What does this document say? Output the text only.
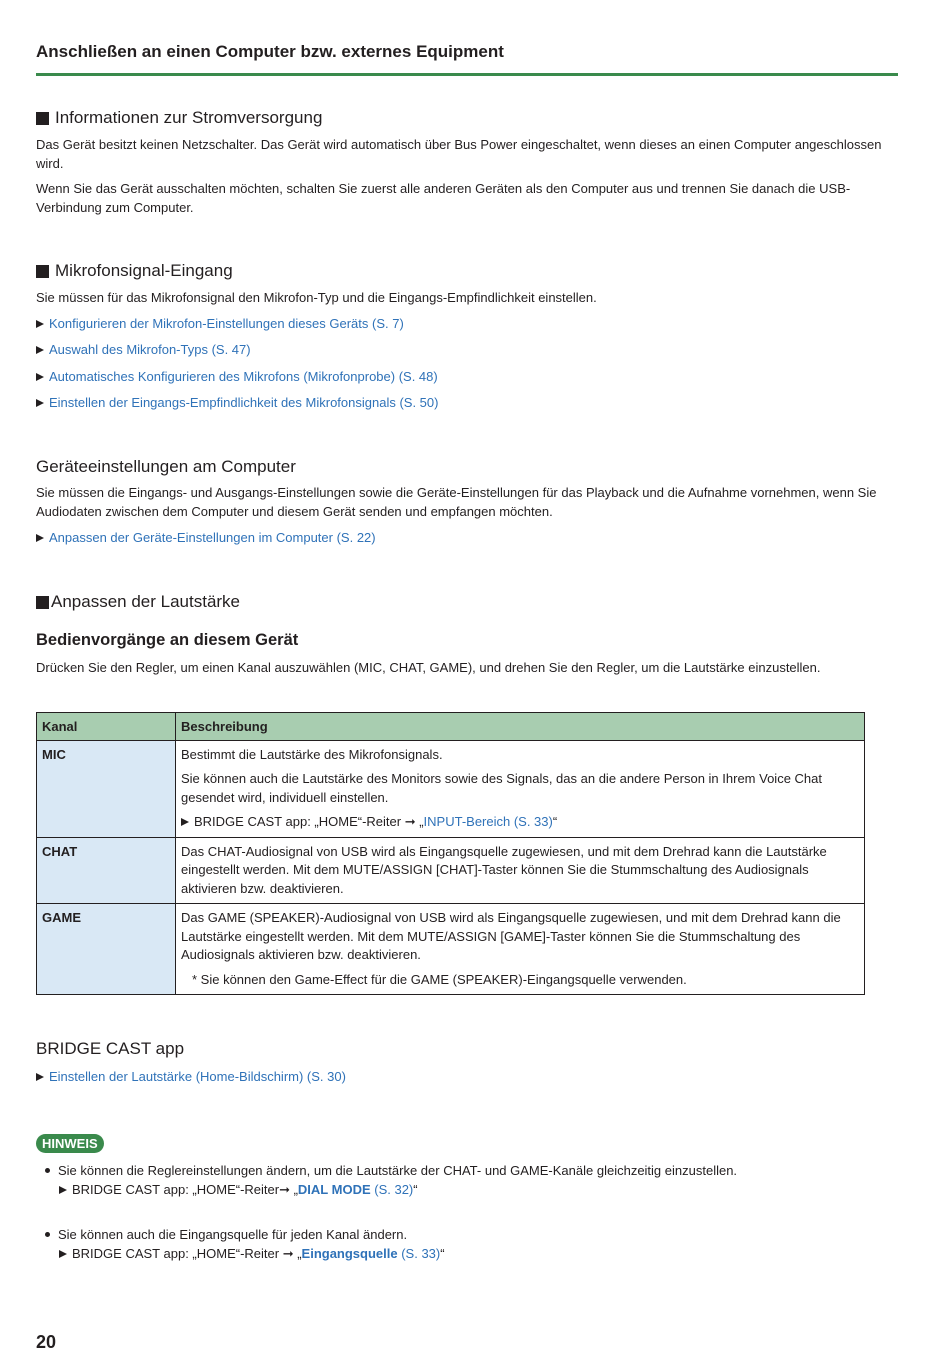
Anschließen an einen Computer bzw. externes Equipment
Informationen zur Stromversorgung
Das Gerät besitzt keinen Netzschalter. Das Gerät wird automatisch über Bus Power eingeschaltet, wenn dieses an einen Computer angeschlossen wird.
Wenn Sie das Gerät ausschalten möchten, schalten Sie zuerst alle anderen Geräten als den Computer aus und trennen Sie danach die USB-Verbindung zum Computer.
Mikrofonsignal-Eingang
Sie müssen für das Mikrofonsignal den Mikrofon-Typ und die Eingangs-Empfindlichkeit einstellen.
Konfigurieren der Mikrofon-Einstellungen dieses Geräts (S. 7)
Auswahl des Mikrofon-Typs (S. 47)
Automatisches Konfigurieren des Mikrofons (Mikrofonprobe) (S. 48)
Einstellen der Eingangs-Empfindlichkeit des Mikrofonsignals (S. 50)
Geräteeinstellungen am Computer
Sie müssen die Eingangs- und Ausgangs-Einstellungen sowie die Geräte-Einstellungen für das Playback und die Aufnahme vornehmen, wenn Sie Audiodaten zwischen dem Computer und diesem Gerät senden und empfangen möchten.
Anpassen der Geräte-Einstellungen im Computer (S. 22)
Anpassen der Lautstärke
Bedienvorgänge an diesem Gerät
Drücken Sie den Regler, um einen Kanal auszuwählen (MIC, CHAT, GAME), und drehen Sie den Regler, um die Lautstärke einzustellen.
Kanal	Beschreibung
MIC	Bestimmt die Lautstärke des Mikrofonsignals.
Sie können auch die Lautstärke des Monitors sowie des Signals, das an die andere Person in Ihrem Voice Chat gesendet wird, individuell einstellen.
BRIDGE CAST app: „HOME“-Reiter ➞ „INPUT-Bereich (S. 33)“

CHAT	Das CHAT-Audiosignal von USB wird als Eingangsquelle zugewiesen, und mit dem Drehrad kann die Lautstärke eingestellt werden. Mit dem MUTE/ASSIGN [CHAT]-Taster können Sie die Stummschaltung des Audiosignals aktivieren bzw. deaktivieren.

GAME	Das GAME (SPEAKER)-Audiosignal von USB wird als Eingangsquelle zugewiesen, und mit dem Drehrad kann die Lautstärke eingestellt werden. Mit dem MUTE/ASSIGN [GAME]-Taster können Sie die Stummschaltung des Audiosignals aktivieren bzw. deaktivieren.
* Sie können den Game-Effect für die GAME (SPEAKER)-Eingangsquelle verwenden.
BRIDGE CAST app
Einstellen der Lautstärke (Home-Bildschirm) (S. 30)
HINWEIS
Sie können die Reglereinstellungen ändern, um die Lautstärke der CHAT- und GAME-Kanäle gleichzeitig einzustellen.
BRIDGE CAST app: „HOME“-Reiter➞ „DIAL MODE (S. 32)“
Sie können auch die Eingangsquelle für jeden Kanal ändern.
BRIDGE CAST app: „HOME“-Reiter ➞ „Eingangsquelle (S. 33)“
20
